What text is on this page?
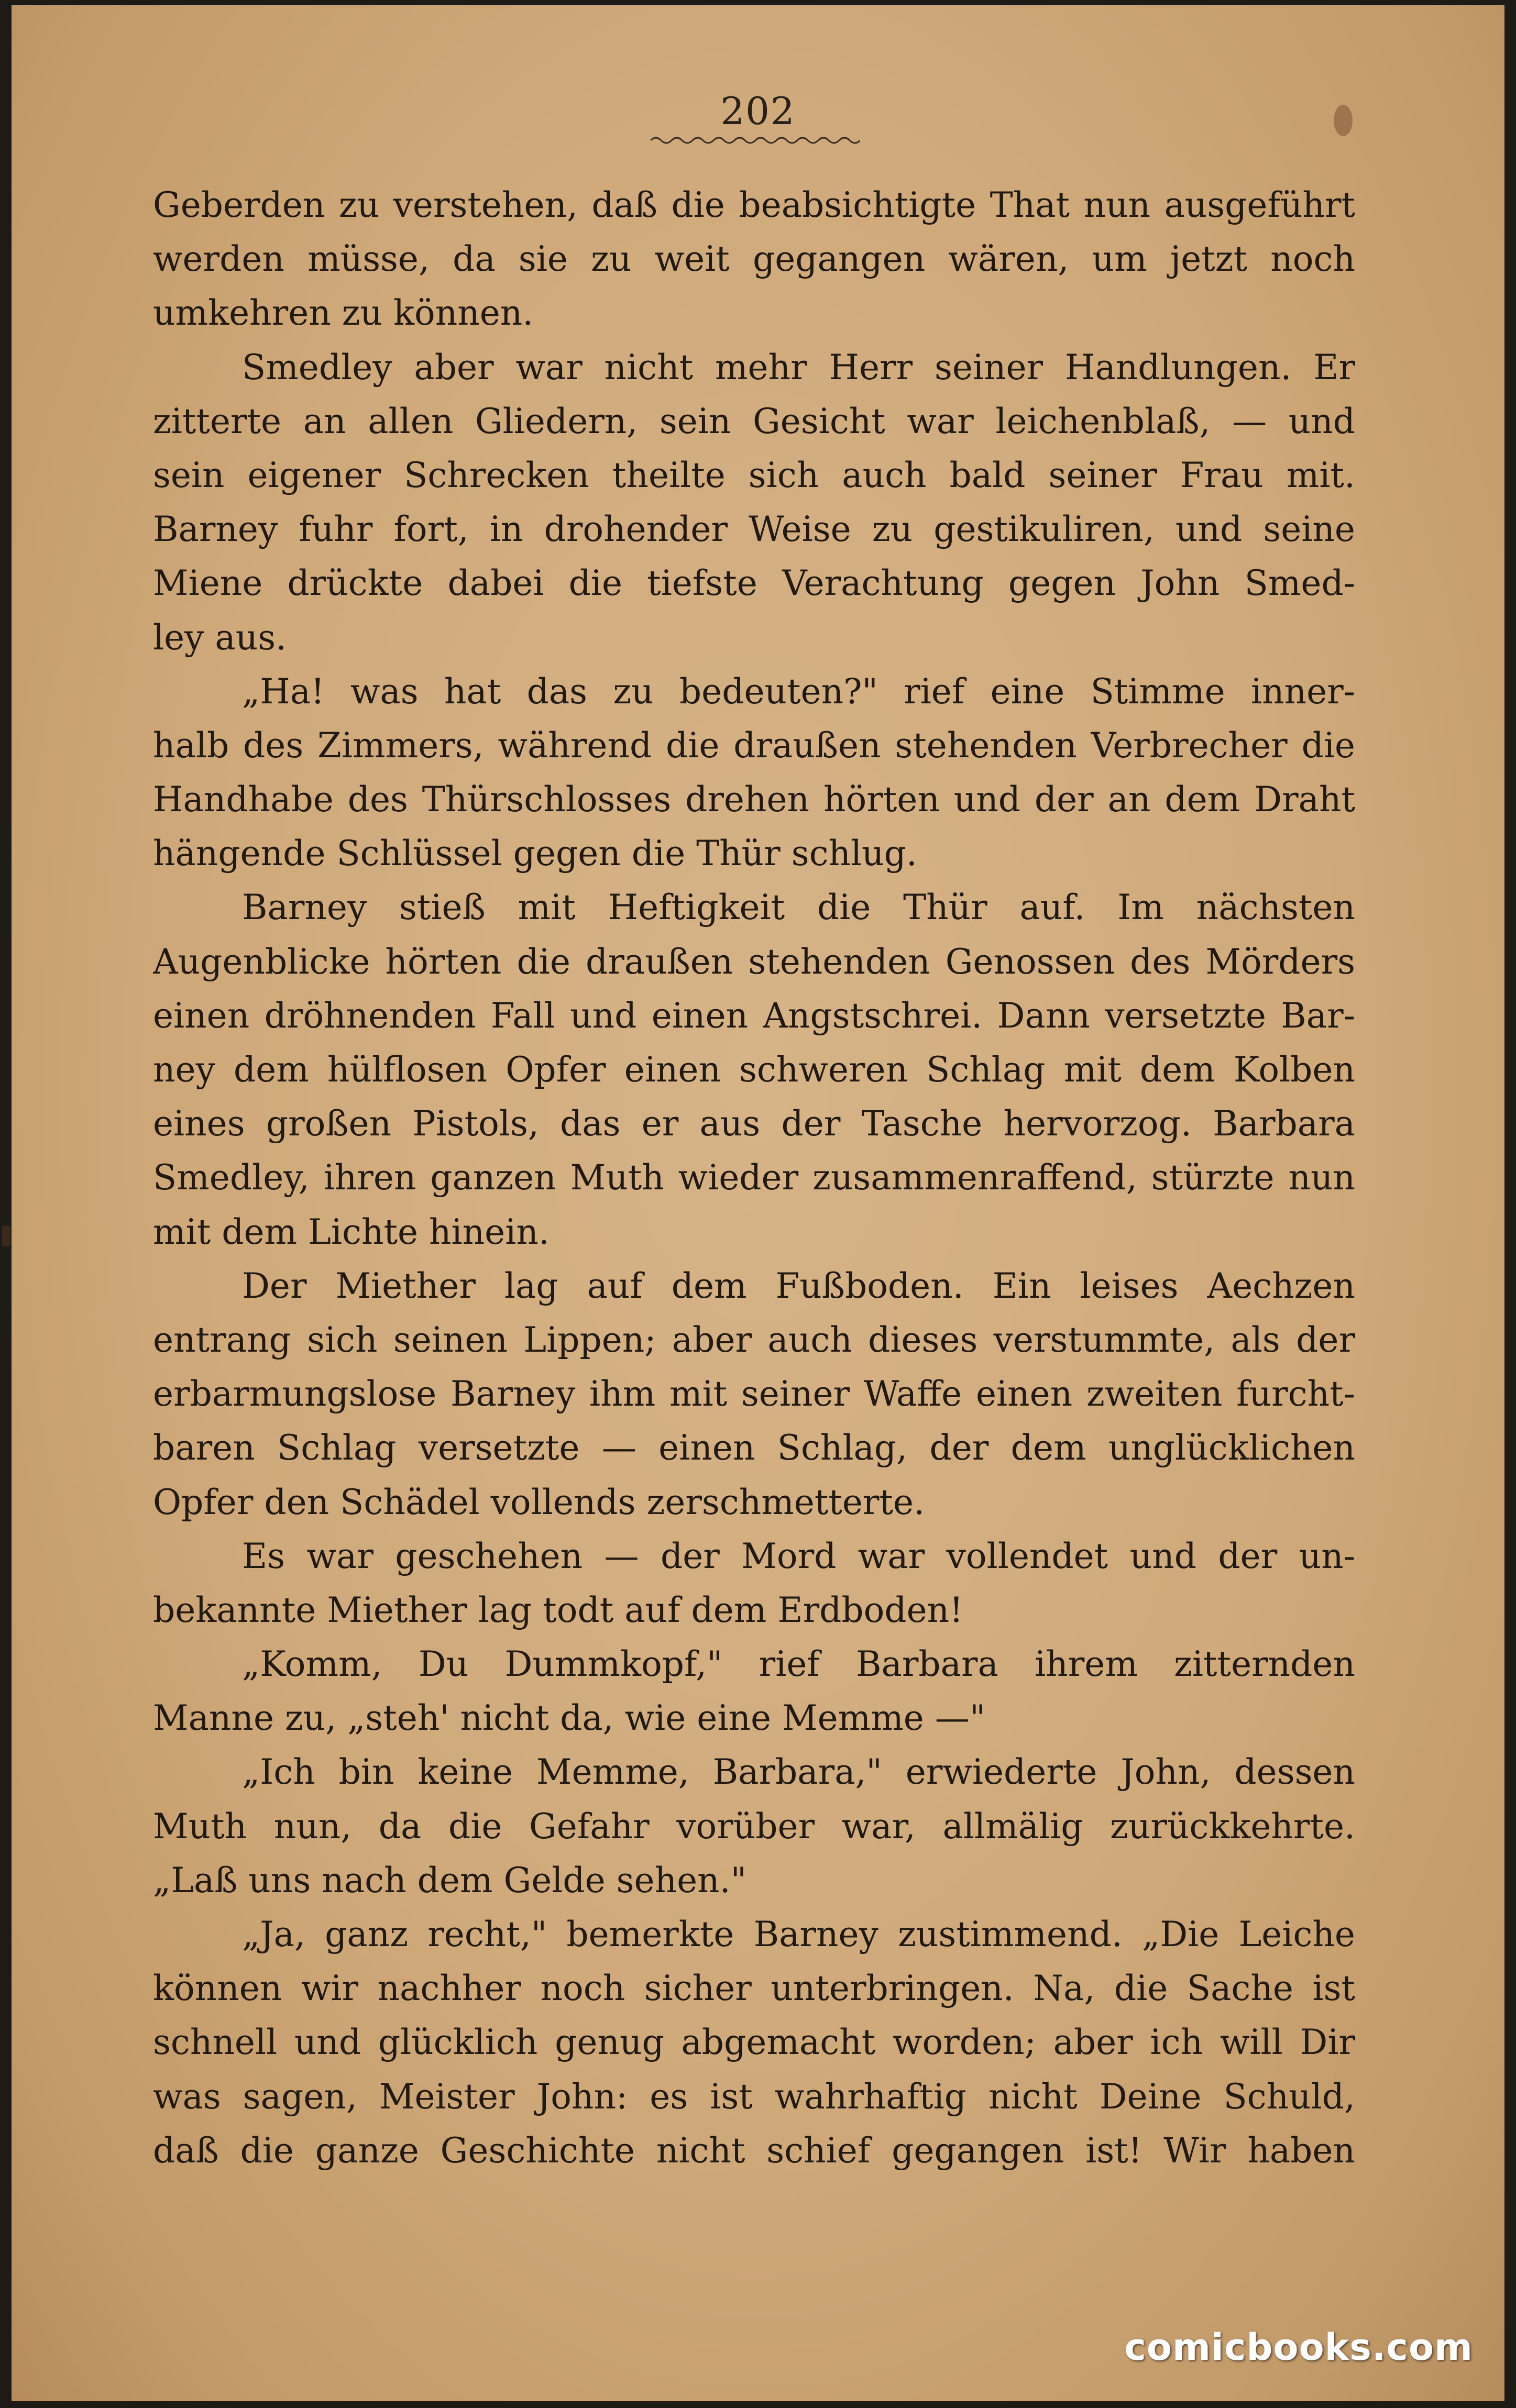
202
Geberden zu verstehen, daß die beabsichtigte That nun ausgeführt
werden müsse, da sie zu weit gegangen wären, um jetzt noch
umkehren zu können.
Smedley aber war nicht mehr Herr seiner Handlungen. Er
zitterte an allen Gliedern, sein Gesicht war leichenblaß, — und
sein eigener Schrecken theilte sich auch bald seiner Frau mit.
Barney fuhr fort, in drohender Weise zu gestikuliren, und seine
Miene drückte dabei die tiefste Verachtung gegen John Smed-
ley aus.
„Ha! was hat das zu bedeuten?" rief eine Stimme inner-
halb des Zimmers, während die draußen stehenden Verbrecher die
Handhabe des Thürschlosses drehen hörten und der an dem Draht
hängende Schlüssel gegen die Thür schlug.
Barney stieß mit Heftigkeit die Thür auf. Im nächsten
Augenblicke hörten die draußen stehenden Genossen des Mörders
einen dröhnenden Fall und einen Angstschrei. Dann versetzte Bar-
ney dem hülflosen Opfer einen schweren Schlag mit dem Kolben
eines großen Pistols, das er aus der Tasche hervorzog. Barbara
Smedley, ihren ganzen Muth wieder zusammenraffend, stürzte nun
mit dem Lichte hinein.
Der Miether lag auf dem Fußboden. Ein leises Aechzen
entrang sich seinen Lippen; aber auch dieses verstummte, als der
erbarmungslose Barney ihm mit seiner Waffe einen zweiten furcht-
baren Schlag versetzte — einen Schlag, der dem unglücklichen
Opfer den Schädel vollends zerschmetterte.
Es war geschehen — der Mord war vollendet und der un-
bekannte Miether lag todt auf dem Erdboden!
„Komm, Du Dummkopf," rief Barbara ihrem zitternden
Manne zu, „steh' nicht da, wie eine Memme —"
„Ich bin keine Memme, Barbara," erwiederte John, dessen
Muth nun, da die Gefahr vorüber war, allmälig zurückkehrte.
„Laß uns nach dem Gelde sehen."
„Ja, ganz recht," bemerkte Barney zustimmend. „Die Leiche
können wir nachher noch sicher unterbringen. Na, die Sache ist
schnell und glücklich genug abgemacht worden; aber ich will Dir
was sagen, Meister John: es ist wahrhaftig nicht Deine Schuld,
daß die ganze Geschichte nicht schief gegangen ist! Wir haben
comicbooks.com
